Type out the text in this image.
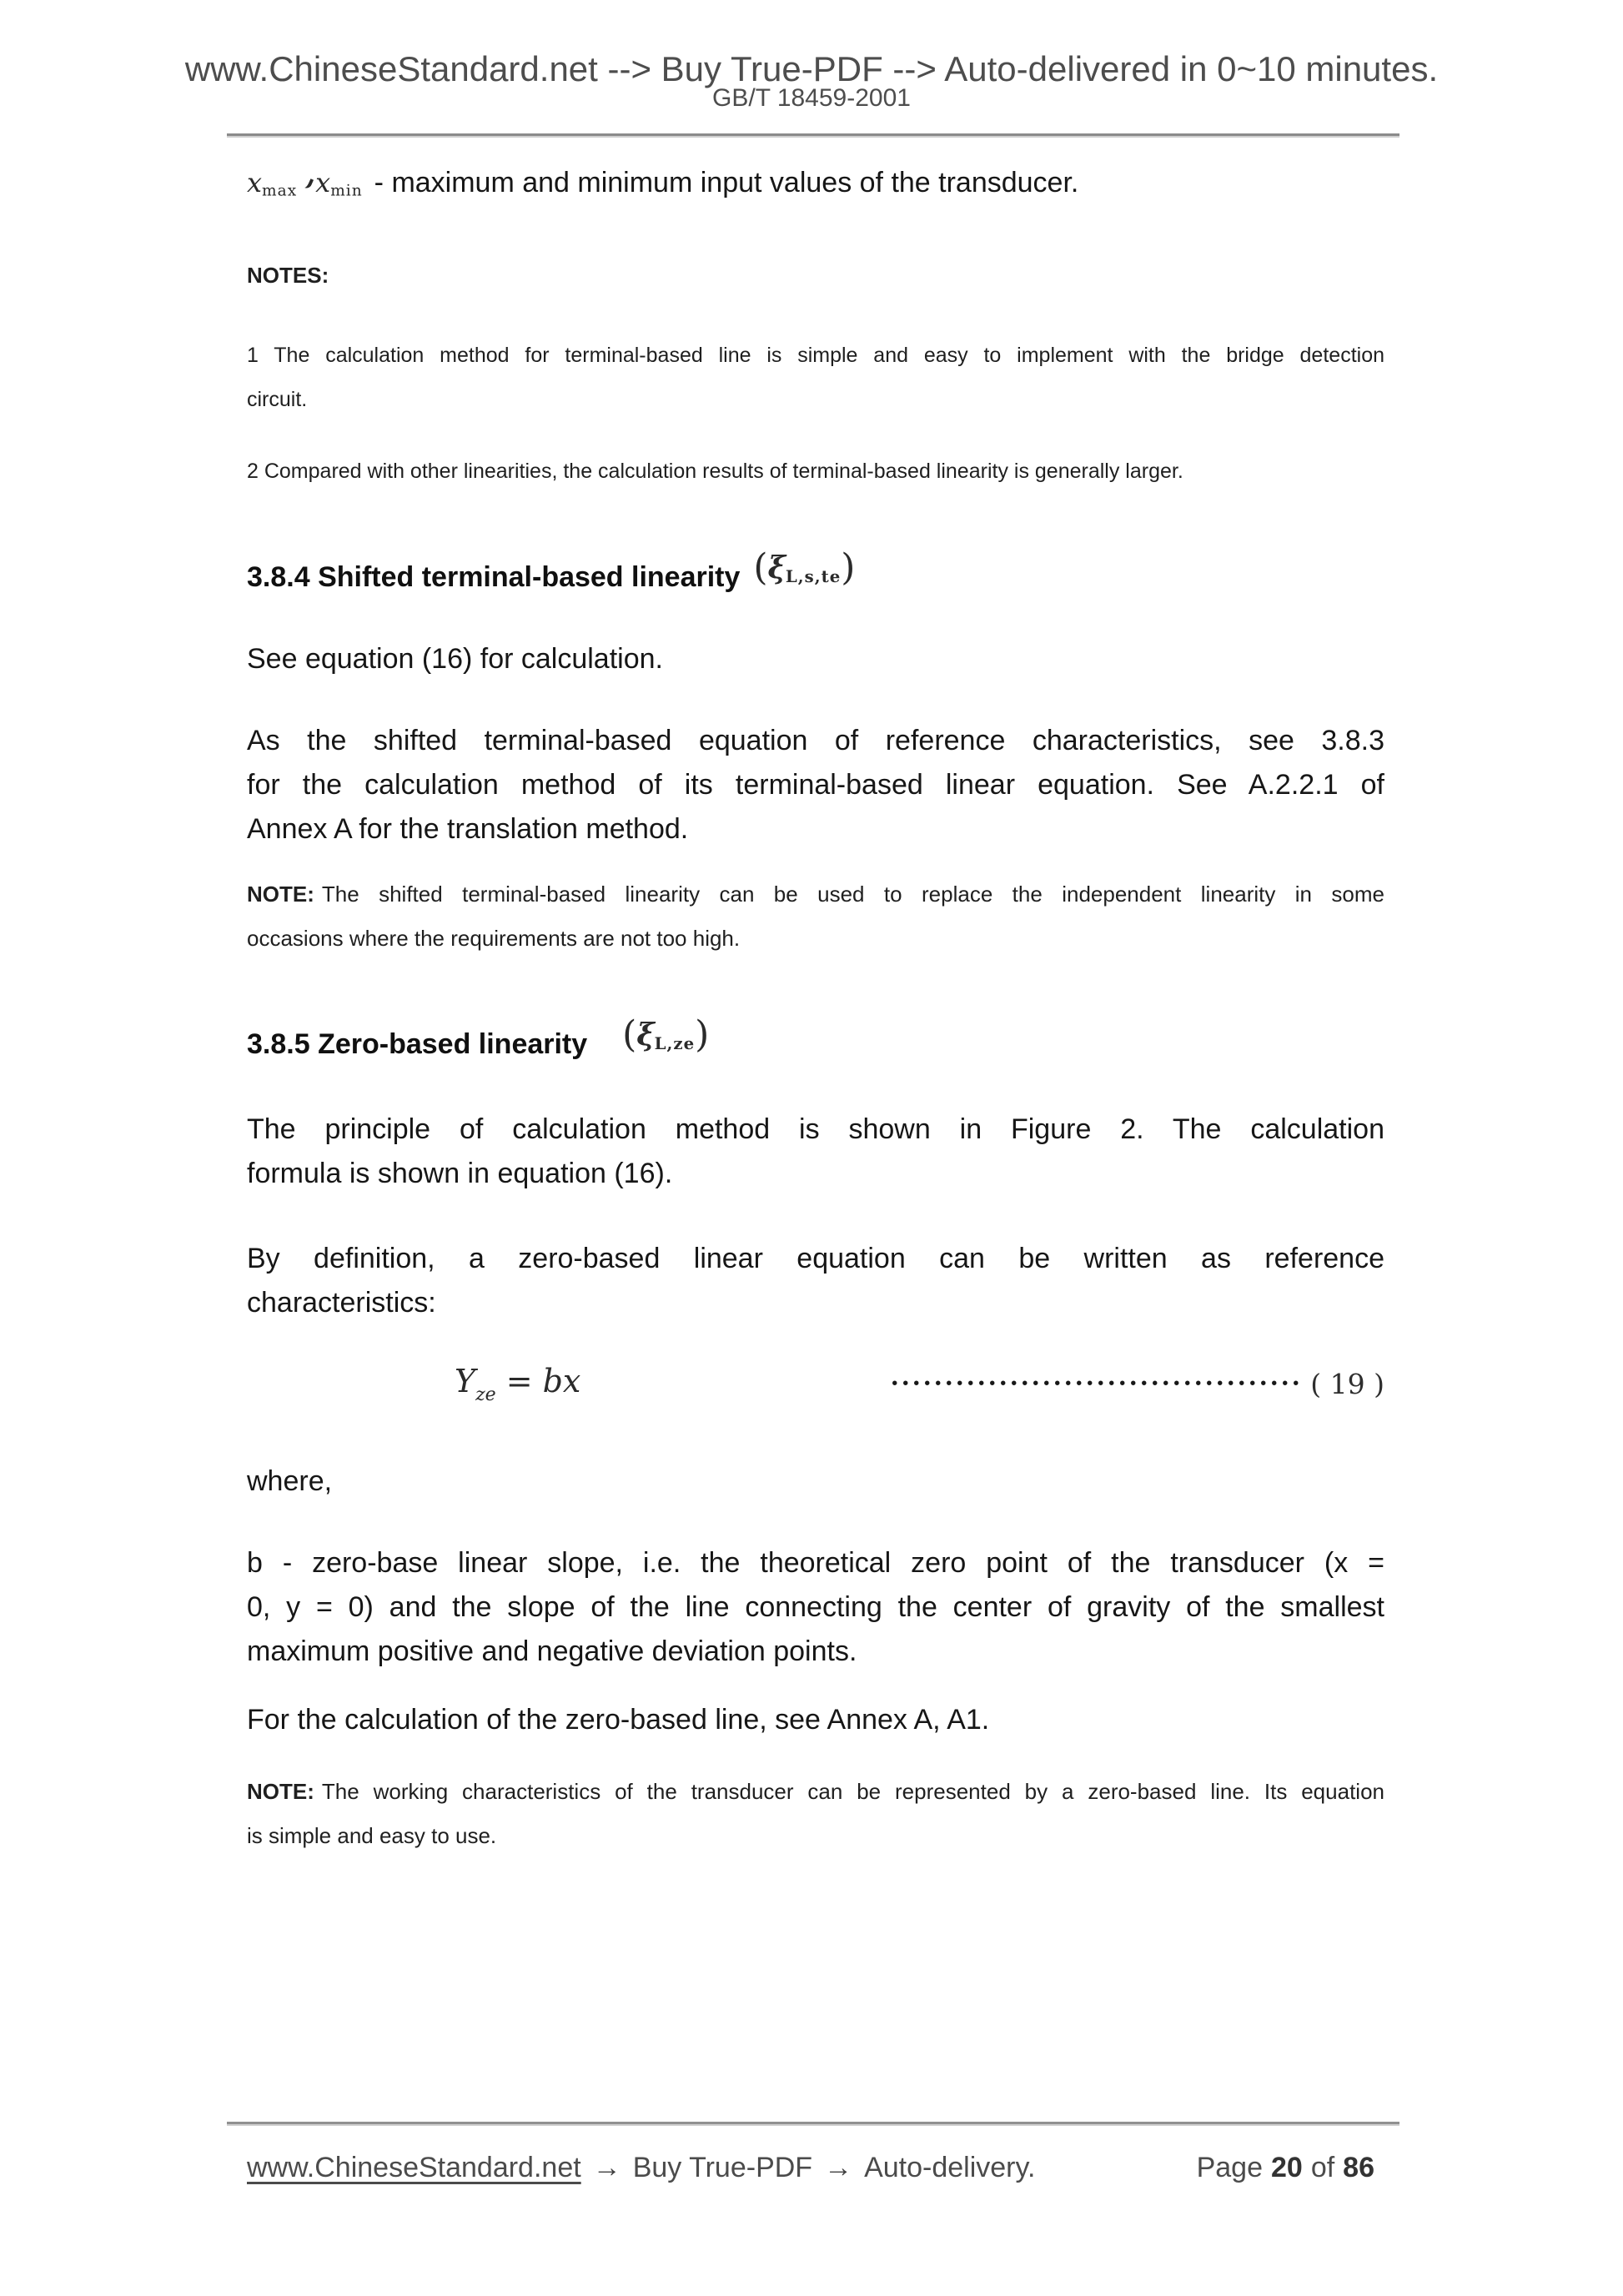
www.ChineseStandard.net --> Buy True-PDF --> Auto-delivered in 0~10 minutes.
GB/T 18459-2001
xmax xmin - maximum and minimum input values of the transducer.
NOTES:
1 The calculation method for terminal-based line is simple and easy to implement with the bridge detection
circuit.
2 Compared with other linearities, the calculation results of terminal-based linearity is generally larger.
3.8.4 Shifted terminal-based linearity (ξL,s,te)
See equation (16) for calculation.
As the shifted terminal-based equation of reference characteristics, see 3.8.3
for the calculation method of its terminal-based linear equation. See A.2.2.1 of
Annex A for the translation method.
NOTE: The shifted terminal-based linearity can be used to replace the independent linearity in some
occasions where the requirements are not too high.
3.8.5 Zero-based linearity (ξL,ze)
The principle of calculation method is shown in Figure 2. The calculation
formula is shown in equation (16).
By definition, a zero-based linear equation can be written as reference
characteristics:
$Y_{ze}$ = bx	•••••••••••••••••••••••••••••••••••••• ( 19 )
where,
b - zero-base linear slope, i.e. the theoretical zero point of the transducer (x =
0, y = 0) and the slope of the line connecting the center of gravity of the smallest
maximum positive and negative deviation points.
For the calculation of the zero-based line, see Annex A, A1.
NOTE: The working characteristics of the transducer can be represented by a zero-based line. Its equation
is simple and easy to use.
www.ChineseStandard.net → Buy True-PDF → Auto-delivery.	Page 20 of 86
